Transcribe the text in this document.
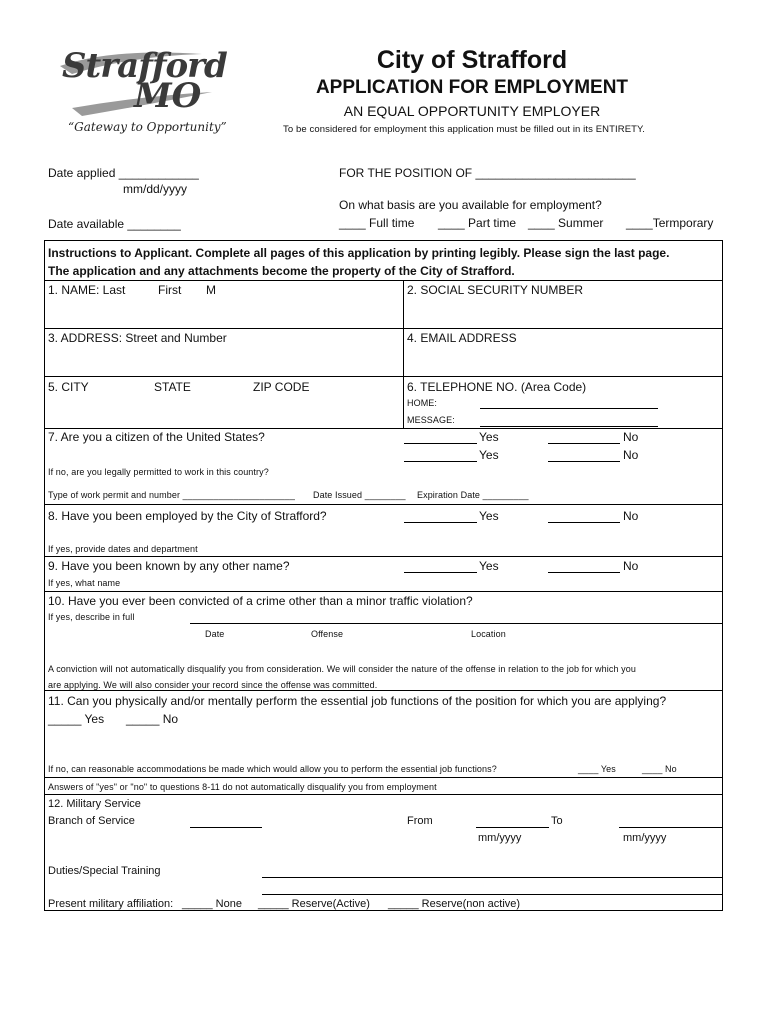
Strafford
MO
“Gateway to Opportunity”
City of Strafford
APPLICATION FOR EMPLOYMENT
AN EQUAL OPPORTUNITY EMPLOYER
To be considered for employment this application must be filled out in its ENTIRETY.
Date applied ____________
mm/dd/yyyy
Date available ________
FOR THE POSITION OF ________________________
On what basis are you available for employment?
____ Full time ____ Part time ____ Summer ____Termporary
Instructions to Applicant. Complete all pages of this application by printing legibly. Please sign the last page.
The application and any attachments become the property of the City of Strafford.
1. NAME: Last	First M	2. SOCIAL SECURITY NUMBER
3. ADDRESS: Street and Number	4. EMAIL ADDRESS
5. CITY	STATE	ZIP CODE	6. TELEPHONE NO. (Area Code)
HOME:
MESSAGE:
7. Are you a citizen of the United States?	Yes	No
Yes	No
If no, are you legally permitted to work in this country?
Type of work permit and number ______________________ Date Issued ________ Expiration Date _________
8. Have you been employed by the City of Strafford?	Yes	No
If yes, provide dates and department
9. Have you been known by any other name?	Yes	No
If yes, what name
10. Have you ever been convicted of a crime other than a minor traffic violation?
If yes, describe in full
Date	Offense	Location
A conviction will not automatically disqualify you from consideration. We will consider the nature of the offense in relation to the job for which you
are applying. We will also consider your record since the offense was committed.
11. Can you physically and/or mentally perform the essential job functions of the position for which you are applying?
_____ Yes _____ No
If no, can reasonable accommodations be made which would allow you to perform the essential job functions?	____ Yes	____ No
Answers of "yes" or "no" to questions 8-11 do not automatically disqualify you from employment
12. Military Service
Branch of Service	From	To
mm/yyyy	mm/yyyy
Duties/Special Training
Present military affiliation: _____ None _____ Reserve(Active) _____ Reserve(non active)
